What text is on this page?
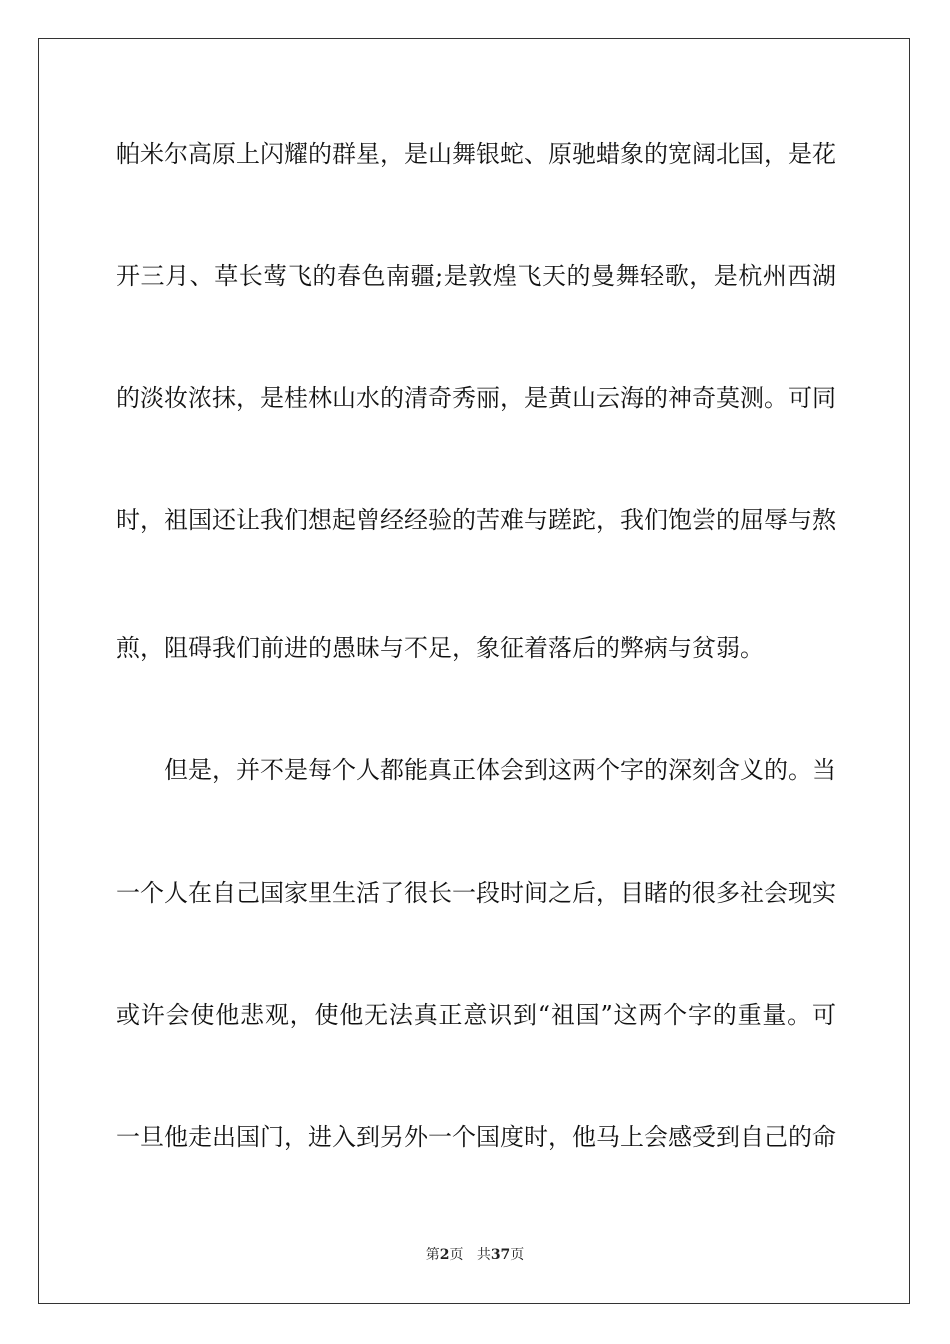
帕米尔高原上闪耀的群星，是山舞银蛇、原驰蜡象的宽阔北国，是花
开三月、草长莺飞的春色南疆;是敦煌飞天的曼舞轻歌，是杭州西湖
的淡妆浓抹，是桂林山水的清奇秀丽，是黄山云海的神奇莫测。可同
时，祖国还让我们想起曾经经验的苦难与蹉跎，我们饱尝的屈辱与熬
煎，阻碍我们前进的愚昧与不足，象征着落后的弊病与贫弱。
但是，并不是每个人都能真正体会到这两个字的深刻含义的。当
一个人在自己国家里生活了很长一段时间之后，目睹的很多社会现实
或许会使他悲观，使他无法真正意识到“祖国”这两个字的重量。可
一旦他走出国门，进入到另外一个国度时，他马上会感受到自己的命
第2页 共37页
